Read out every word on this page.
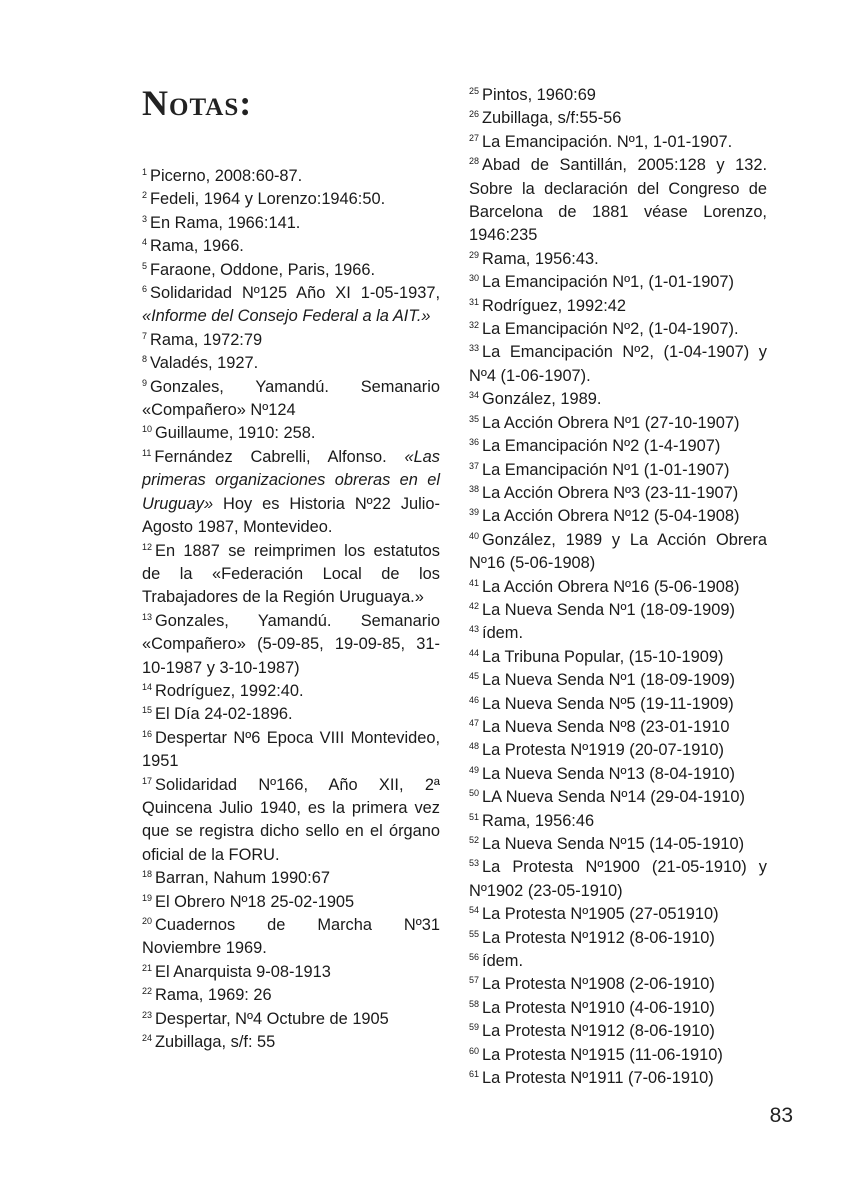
Notas:
$^1$ Picerno, 2008:60-87.
$^2$ Fedeli, 1964 y Lorenzo:1946:50.
$^3$ En Rama, 1966:141.
$^4$ Rama, 1966.
$^5$ Faraone, Oddone, Paris, 1966.
$^6$ Solidaridad Nº125 Año XI 1-05-1937, «Informe del Consejo Federal a la AIT.»
$^7$ Rama, 1972:79
$^8$ Valadés, 1927.
$^9$ Gonzales, Yamandú. Semanario «Compañero» Nº124
$^{10}$ Guillaume, 1910: 258.
$^{11}$ Fernández Cabrelli, Alfonso. «Las primeras organizaciones obreras en el Uruguay» Hoy es Historia Nº22 Julio-Agosto 1987, Montevideo.
$^{12}$ En 1887 se reimprimen los estatutos de la «Federación Local de los Trabajadores de la Región Uruguaya.»
$^{13}$ Gonzales, Yamandú. Semanario «Compañero» (5-09-85, 19-09-85, 31-10-1987 y 3-10-1987)
$^{14}$ Rodríguez, 1992:40.
$^{15}$ El Día 24-02-1896.
$^{16}$ Despertar Nº6 Epoca VIII Montevideo, 1951
$^{17}$ Solidaridad Nº166, Año XII, 2ª Quincena Julio 1940, es la primera vez que se registra dicho sello en el órgano oficial de la FORU.
$^{18}$ Barran, Nahum 1990:67
$^{19}$ El Obrero Nº18 25-02-1905
$^{20}$ Cuadernos de Marcha Nº31 Noviembre 1969.
$^{21}$ El Anarquista 9-08-1913
$^{22}$ Rama, 1969: 26
$^{23}$ Despertar, Nº4 Octubre de 1905
$^{24}$ Zubillaga, s/f: 55
$^{25}$ Pintos, 1960:69
$^{26}$ Zubillaga, s/f:55-56
$^{27}$ La Emancipación. Nº1, 1-01-1907.
$^{28}$ Abad de Santillán, 2005:128 y 132. Sobre la declaración del Congreso de Barcelona de 1881 véase Lorenzo, 1946:235
$^{29}$ Rama, 1956:43.
$^{30}$ La Emancipación Nº1, (1-01-1907)
$^{31}$ Rodríguez, 1992:42
$^{32}$ La Emancipación Nº2, (1-04-1907).
$^{33}$ La Emancipación Nº2, (1-04-1907) y Nº4 (1-06-1907).
$^{34}$ González, 1989.
$^{35}$ La Acción Obrera Nº1 (27-10-1907)
$^{36}$ La Emancipación Nº2 (1-4-1907)
$^{37}$ La Emancipación Nº1 (1-01-1907)
$^{38}$ La Acción Obrera Nº3 (23-11-1907)
$^{39}$ La Acción Obrera Nº12 (5-04-1908)
$^{40}$ González, 1989 y La Acción Obrera Nº16 (5-06-1908)
$^{41}$ La Acción Obrera Nº16 (5-06-1908)
$^{42}$ La Nueva Senda Nº1 (18-09-1909)
$^{43}$ ídem.
$^{44}$ La Tribuna Popular, (15-10-1909)
$^{45}$ La Nueva Senda Nº1 (18-09-1909)
$^{46}$ La Nueva Senda Nº5 (19-11-1909)
$^{47}$ La Nueva Senda Nº8 (23-01-1910
$^{48}$ La Protesta Nº1919 (20-07-1910)
$^{49}$ La Nueva Senda Nº13 (8-04-1910)
$^{50}$ LA Nueva Senda Nº14 (29-04-1910)
$^{51}$ Rama, 1956:46
$^{52}$ La Nueva Senda Nº15 (14-05-1910)
$^{53}$ La Protesta Nº1900 (21-05-1910) y Nº1902 (23-05-1910)
$^{54}$ La Protesta Nº1905 (27-051910)
$^{55}$ La Protesta Nº1912 (8-06-1910)
$^{56}$ ídem.
$^{57}$ La Protesta Nº1908 (2-06-1910)
$^{58}$ La Protesta Nº1910 (4-06-1910)
$^{59}$ La Protesta Nº1912 (8-06-1910)
$^{60}$ La Protesta Nº1915 (11-06-1910)
$^{61}$ La Protesta Nº1911 (7-06-1910)
83
